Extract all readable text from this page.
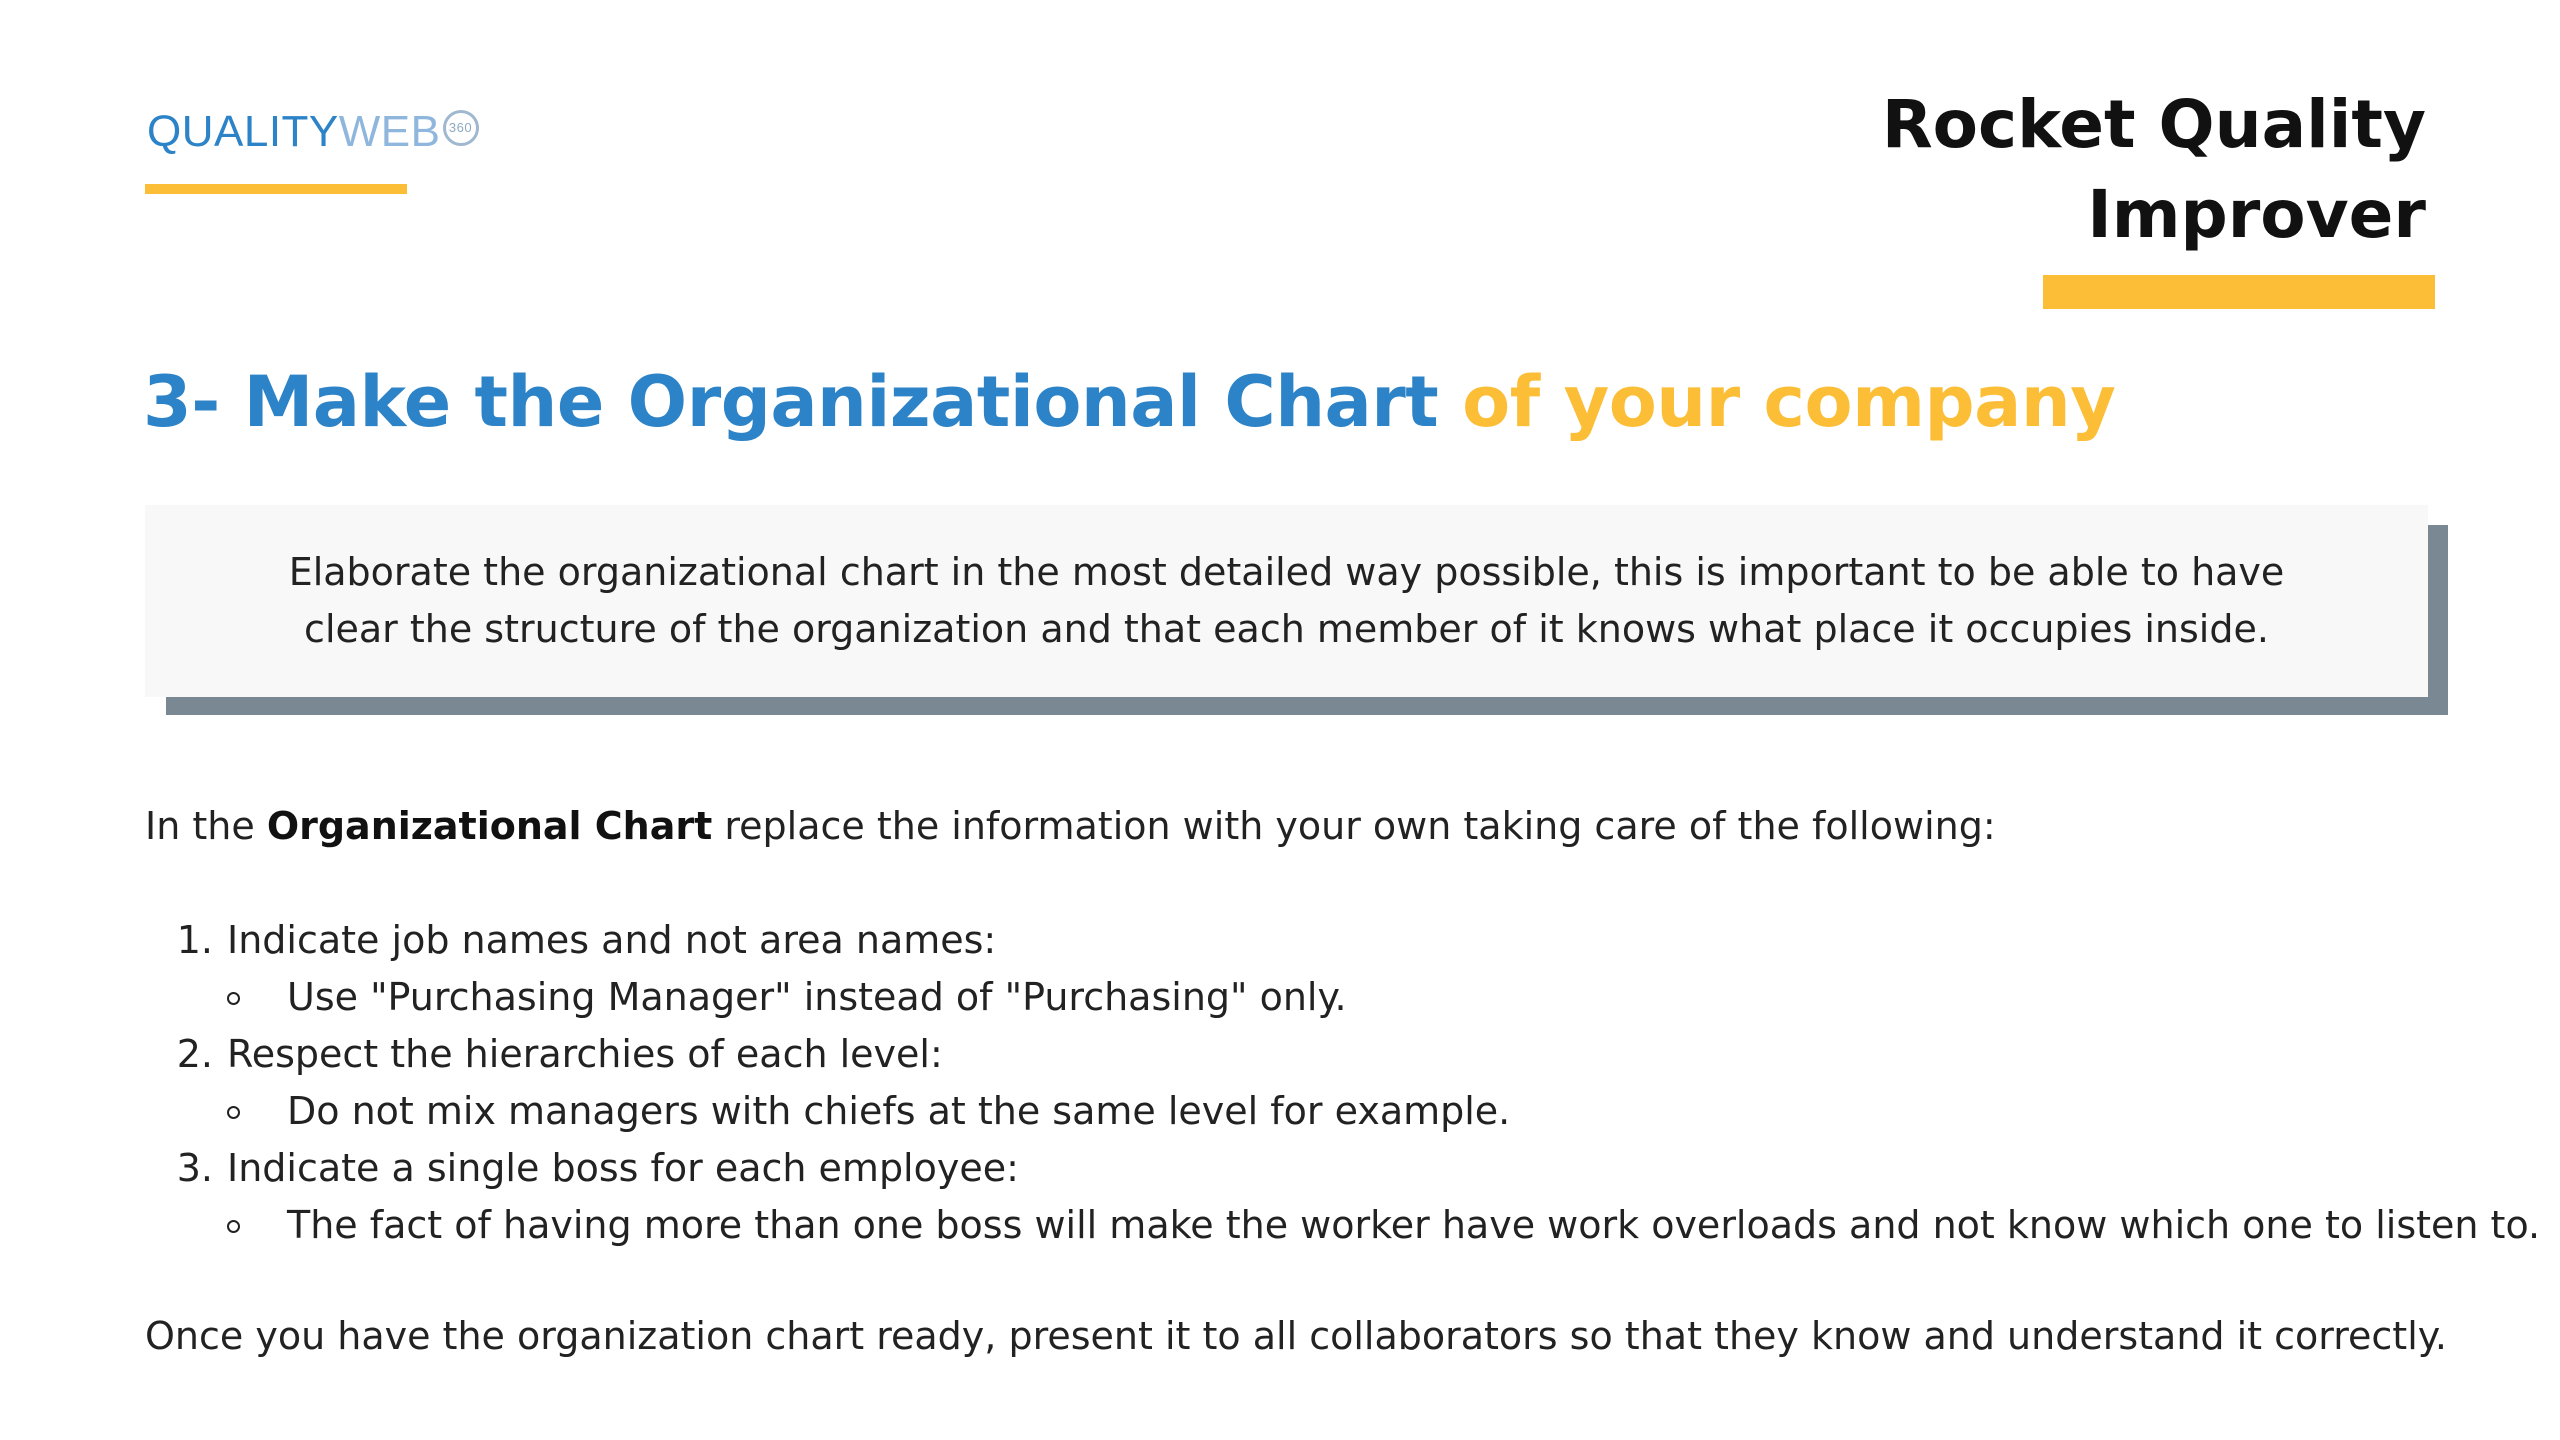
QUALITY WEB 360	Rocket Quality
Improver
3- Make the Organizational Chart of your company

Elaborate the organizational chart in the most detailed way possible, this is important to be able to have clear the structure of the organization and that each member of it knows what place it occupies inside.

In the Organizational Chart replace the information with your own taking care of the following:
1. Indicate job names and not area names:
Use "Purchasing Manager" instead of "Purchasing" only.
2. Respect the hierarchies of each level:
Do not mix managers with chiefs at the same level for example.
3. Indicate a single boss for each employee:
The fact of having more than one boss will make the worker have work overloads and not know which one to listen to.
Once you have the organization chart ready, present it to all collaborators so that they know and understand it correctly.
